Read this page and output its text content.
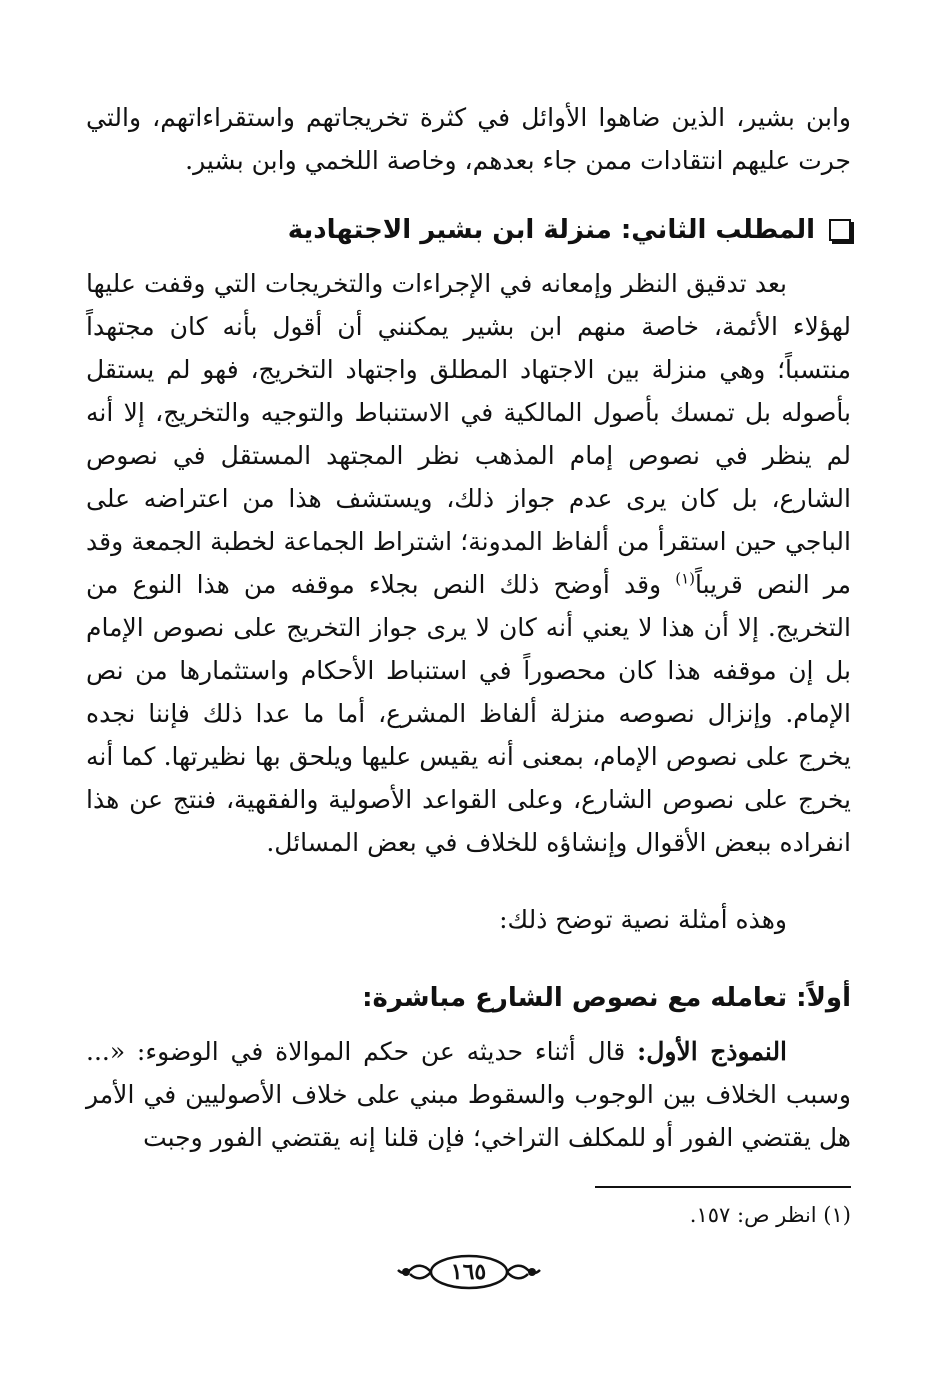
وابن بشير، الذين ضاهوا الأوائل في كثرة تخريجاتهم واستقراءاتهم، والتي جرت عليهم انتقادات ممن جاء بعدهم، وخاصة اللخمي وابن بشير.

المطلب الثاني: منزلة ابن بشير الاجتهادية

بعد تدقيق النظر وإمعانه في الإجراءات والتخريجات التي وقفت عليها لهؤلاء الأئمة، خاصة منهم ابن بشير يمكنني أن أقول بأنه كان مجتهداً منتسباً؛ وهي منزلة بين الاجتهاد المطلق واجتهاد التخريج، فهو لم يستقل بأصوله بل تمسك بأصول المالكية في الاستنباط والتوجيه والتخريج، إلا أنه لم ينظر في نصوص إمام المذهب نظر المجتهد المستقل في نصوص الشارع، بل كان يرى عدم جواز ذلك، ويستشف هذا من اعتراضه على الباجي حين استقرأ من ألفاظ المدونة؛ اشتراط الجماعة لخطبة الجمعة وقد مر النص قريباً$^{(١)}$ وقد أوضح ذلك النص بجلاء موقفه من هذا النوع من التخريج. إلا أن هذا لا يعني أنه كان لا يرى جواز التخريج على نصوص الإمام بل إن موقفه هذا كان محصوراً في استنباط الأحكام واستثمارها من نص الإمام. وإنزال نصوصه منزلة ألفاظ المشرع، أما ما عدا ذلك فإننا نجده يخرج على نصوص الإمام، بمعنى أنه يقيس عليها ويلحق بها نظيرتها. كما أنه يخرج على نصوص الشارع، وعلى القواعد الأصولية والفقهية، فنتج عن هذا انفراده ببعض الأقوال وإنشاؤه للخلاف في بعض المسائل.

وهذه أمثلة نصية توضح ذلك:

أولاً: تعامله مع نصوص الشارع مباشرة:

النموذج الأول: قال أثناء حديثه عن حكم الموالاة في الوضوء: «... وسبب الخلاف بين الوجوب والسقوط مبني على خلاف الأصوليين في الأمر هل يقتضي الفور أو للمكلف التراخي؛ فإن قلنا إنه يقتضي الفور وجبت

(١) انظر ص: ١٥٧.
١٦٥
